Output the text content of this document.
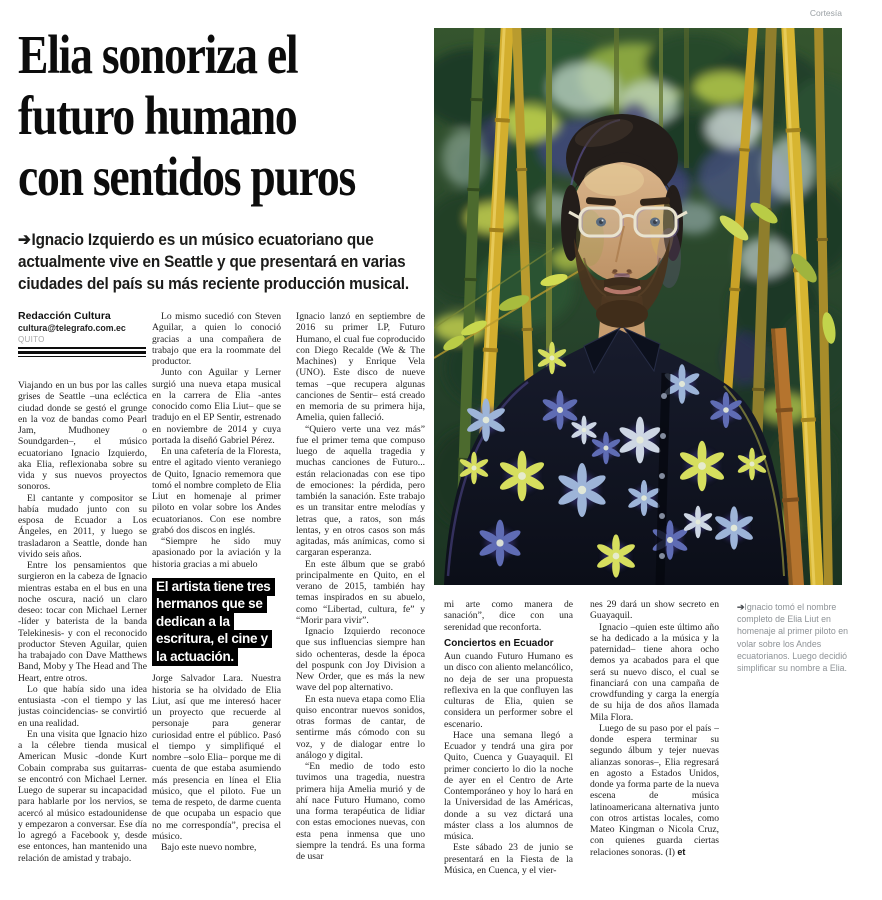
Cortesía
Elia sonoriza el
futuro humano
con sentidos puros
➔Ignacio Izquierdo es un músico ecuatoriano que actualmente vive en Seattle y que presentará en varias ciudades del país su más reciente producción musical.
Redacción Cultura
cultura@telegrafo.com.ec
QUITO

Viajando en un bus por las calles grises de Seattle –una ecléctica ciudad donde se gestó el grunge en la voz de bandas como Pearl Jam, Mudhoney o Soundgarden–, el músico ecuatoriano Ignacio Izquierdo, aka Elia, reflexionaba sobre su vida y sus nuevos proyectos sonoros.

El cantante y compositor se había mudado junto con su esposa de Ecuador a Los Ángeles, en 2011, y luego se trasladaron a Seattle, donde han vivido seis años.

Entre los pensamientos que surgieron en la cabeza de Ignacio mientras estaba en el bus en una noche oscura, nació un claro deseo: tocar con Michael Lerner -líder y baterista de la banda Telekinesis- y con el reconocido productor Steven Aguilar, quien ha trabajado con Dave Matthews Band, Moby y The Head and The Heart, entre otros.

Lo que había sido una idea entusiasta -con el tiempo y las justas coincidencias- se convirtió en una realidad.

En una visita que Ignacio hizo a la célebre tienda musical American Music -donde Kurt Cobain compraba sus guitarras- se encontró con Michael Lerner. Luego de superar su incapacidad para hablarle por los nervios, se acercó al músico estadounidense y empezaron a conversar. Ese día lo agregó a Facebook y, desde ese entonces, han mantenido una relación de amistad y trabajo.

Lo mismo sucedió con Steven Aguilar, a quien lo conoció gracias a una compañera de trabajo que era la roommate del productor.

Junto con Aguilar y Lerner surgió una nueva etapa musical en la carrera de Elia -antes conocido como Elia Liut– que se tradujo en el EP Sentir, estrenado en noviembre de 2014 y cuya portada la diseñó Gabriel Pérez.

En una cafetería de la Floresta, entre el agitado viento veraniego de Quito, Ignacio rememora que tomó el nombre completo de Elia Liut en homenaje al primer piloto en volar sobre los Andes ecuatorianos. Con ese nombre grabó dos discos en inglés.

“Siempre he sido muy apasionado por la aviación y la historia gracias a mi abuelo

El artista tiene tres hermanos que se dedican a la escritura, el cine y la actuación.

Jorge Salvador Lara. Nuestra historia se ha olvidado de Elia Liut, así que me interesó hacer un proyecto que recuerde al personaje para generar curiosidad entre el público. Pasó el tiempo y simplifiqué el nombre –solo Elia– porque me di cuenta de que estaba asumiendo más presencia en línea el Elia músico, que el piloto. Fue un tema de respeto, de darme cuenta de que ocupaba un espacio que no me correspondía”, precisa el músico.

Bajo este nuevo nombre,

Ignacio lanzó en septiembre de 2016 su primer LP, Futuro Humano, el cual fue coproducido con Diego Recalde (We & The Machines) y Enrique Vela (UNO). Este disco de nueve temas –que recupera algunas canciones de Sentir– está creado en memoria de su primera hija, Amelia, quien falleció.

“Quiero verte una vez más” fue el primer tema que compuso luego de aquella tragedia y muchas canciones de Futuro... están relacionadas con ese tipo de emociones: la pérdida, pero también la sanación. Este trabajo es un transitar entre melodías y letras que, a ratos, son más lentas, y en otros casos son más agitadas, más anímicas, como si cargaran esperanza.

En este álbum que se grabó principalmente en Quito, en el verano de 2015, también hay temas inspirados en su abuelo, como “Libertad, cultura, fe” y “Morir para vivir”.

Ignacio Izquierdo reconoce que sus influencias siempre han sido ochenteras, desde la época del pospunk con Joy Division a New Order, que es más la new wave del pop alternativo.

En esta nueva etapa como Elia quiso encontrar nuevos sonidos, otras formas de cantar, de sentirme más cómodo con su voz, y de dialogar entre lo análogo y digital.

“En medio de todo esto tuvimos una tragedia, nuestra primera hija Amelia murió y de ahí nace Futuro Humano, como una forma terapéutica de lidiar con estas emociones nuevas, con esta pena inmensa que uno siempre la tendrá. Es una forma de usar

mi arte como manera de sanación”, dice con una serenidad que reconforta.

Conciertos en Ecuador

Aun cuando Futuro Humano es un disco con aliento melancólico, no deja de ser una propuesta reflexiva en la que confluyen las culturas de Elia, quien se considera un performer sobre el escenario.

Hace una semana llegó a Ecuador y tendrá una gira por Quito, Cuenca y Guayaquil. El primer concierto lo dio la noche de ayer en el Centro de Arte Contemporáneo y hoy lo hará en la Universidad de las Américas, donde a su vez dictará una máster class a los alumnos de música.

Este sábado 23 de junio se presentará en la Fiesta de la Música, en Cuenca, y el vier-

nes 29 dará un show secreto en Guayaquil.

Ignacio –quien este último año se ha dedicado a la música y la paternidad– tiene ahora ocho demos ya acabados para el que será su nuevo disco, el cual se financiará con una campaña de crowdfunding y carga la energía de su hija de dos años llamada Mila Flora.

Luego de su paso por el país –donde espera terminar su segundo álbum y tejer nuevas alianzas sonoras–, Elia regresará en agosto a Estados Unidos, donde ya forma parte de la nueva escena de música latinoamericana alternativa junto con otros artistas locales, como Mateo Kingman o Nicola Cruz, con quienes guarda ciertas relaciones sonoras. (I) et

➔Ignacio tomó el nombre completo de Elia Liut en homenaje al primer piloto en volar sobre los Andes ecuatorianos. Luego decidió simplificar su nombre a Elia.
